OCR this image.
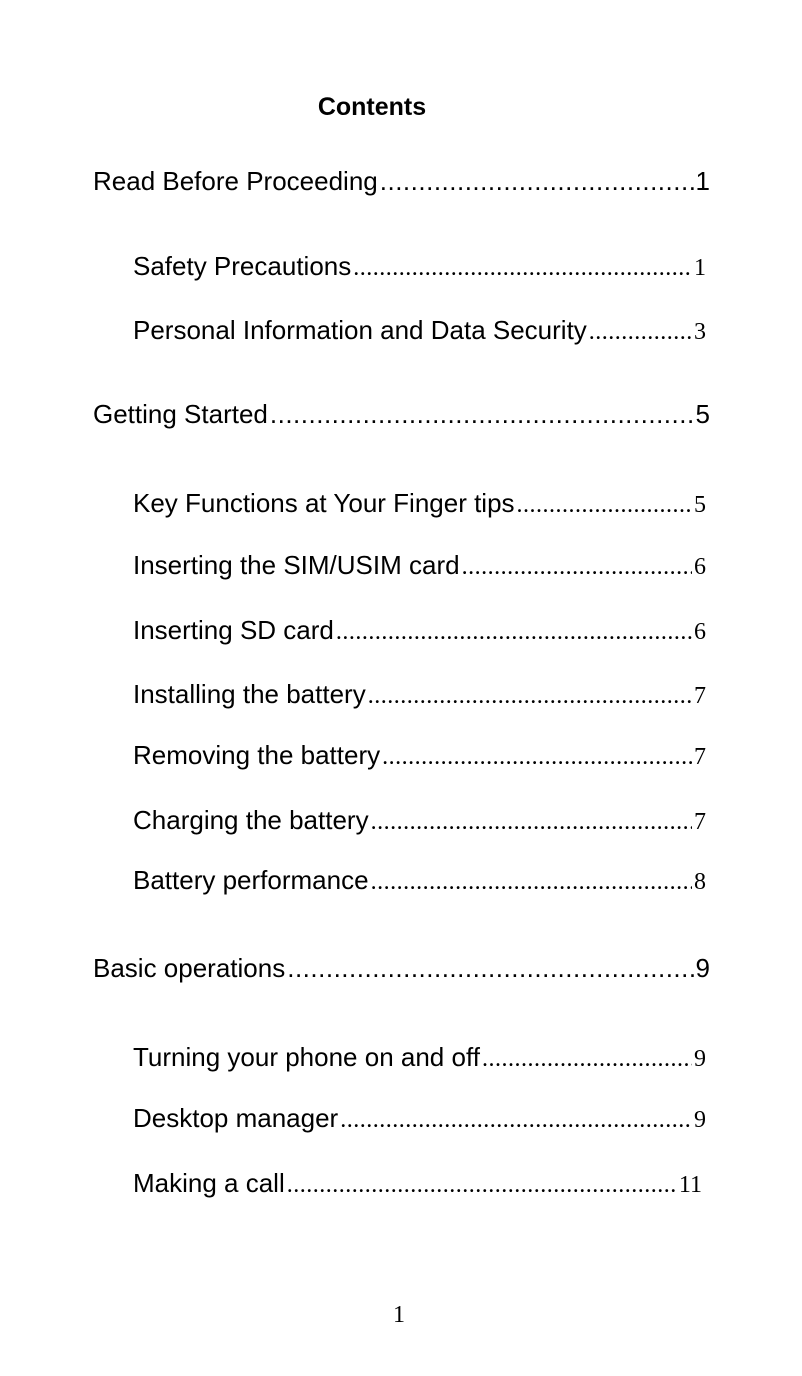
Contents
Read Before Proceeding .....	1
Safety Precautions .....	1
Personal Information and Data Security .....	3
Getting Started .....	5
Key Functions at Your Finger tips .....	5
Inserting the SIM/USIM card .....	6
Inserting SD card .....	6
Installing the battery .....	7
Removing the battery .....	7
Charging the battery .....	7
Battery performance .....	8
Basic operations .....	9
Turning your phone on and off .....	9
Desktop manager .....	9
Making a call .....	11
1
